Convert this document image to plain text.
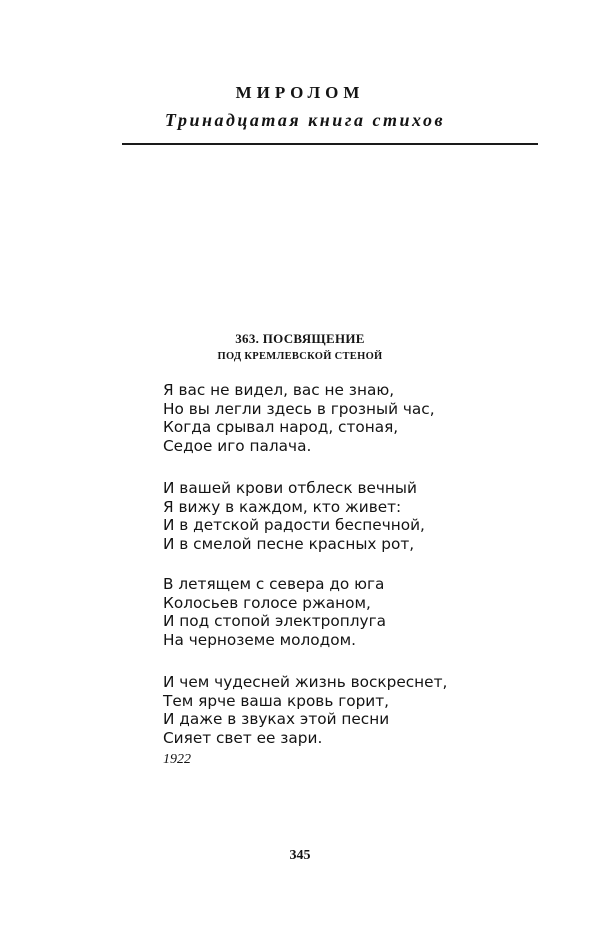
МИРОЛОМ
Тринадцатая книга стихов
363. ПОСВЯЩЕНИЕ
ПОД КРЕМЛЕВСКОЙ СТЕНОЙ
Я вас не видел, вас не знаю,
Но вы легли здесь в грозный час,
Когда срывал народ, стоная,
Седое иго палача.
И вашей крови отблеск вечный
Я вижу в каждом, кто живет:
И в детской радости беспечной,
И в смелой песне красных рот,
В летящем с севера до юга
Колосьев голосе ржаном,
И под стопой электроплуга
На черноземе молодом.
И чем чудесней жизнь воскреснет,
Тем ярче ваша кровь горит,
И даже в звуках этой песни
Сияет свет ее зари.
1922
345
